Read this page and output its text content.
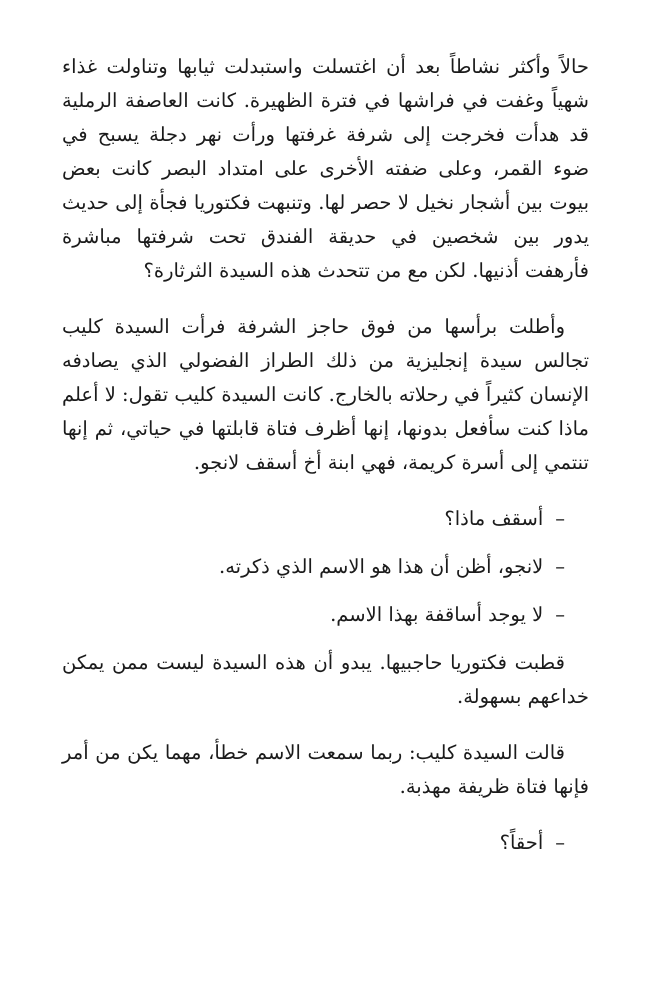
حالاً وأكثر نشاطاً بعد أن اغتسلت واستبدلت ثيابها وتناولت غذاء شهياً وغفت في فراشها في فترة الظهيرة. كانت العاصفة الرملية قد هدأت فخرجت إلى شرفة غرفتها ورأت نهر دجلة يسبح في ضوء القمر، وعلى ضفته الأخرى على امتداد البصر كانت بعض بيوت بين أشجار نخيل لا حصر لها. وتنبهت فكتوريا فجأة إلى حديث يدور بين شخصين في حديقة الفندق تحت شرفتها مباشرة فأرهفت أذنيها. لكن مع من تتحدث هذه السيدة الثرثارة؟

وأطلت برأسها من فوق حاجز الشرفة فرأت السيدة كليب تجالس سيدة إنجليزية من ذلك الطراز الفضولي الذي يصادفه الإنسان كثيراً في رحلاته بالخارج. كانت السيدة كليب تقول: لا أعلم ماذا كنت سأفعل بدونها، إنها أظرف فتاة قابلتها في حياتي، ثم إنها تنتمي إلى أسرة كريمة، فهي ابنة أخ أسقف لانجو.

–أسقف ماذا؟

–لانجو، أظن أن هذا هو الاسم الذي ذكرته.

–لا يوجد أساقفة بهذا الاسم.

قطبت فكتوريا حاجبيها. يبدو أن هذه السيدة ليست ممن يمكن خداعهم بسهولة.

قالت السيدة كليب: ربما سمعت الاسم خطأ، مهما يكن من أمر فإنها فتاة ظريفة مهذبة.

–أحقاً؟
